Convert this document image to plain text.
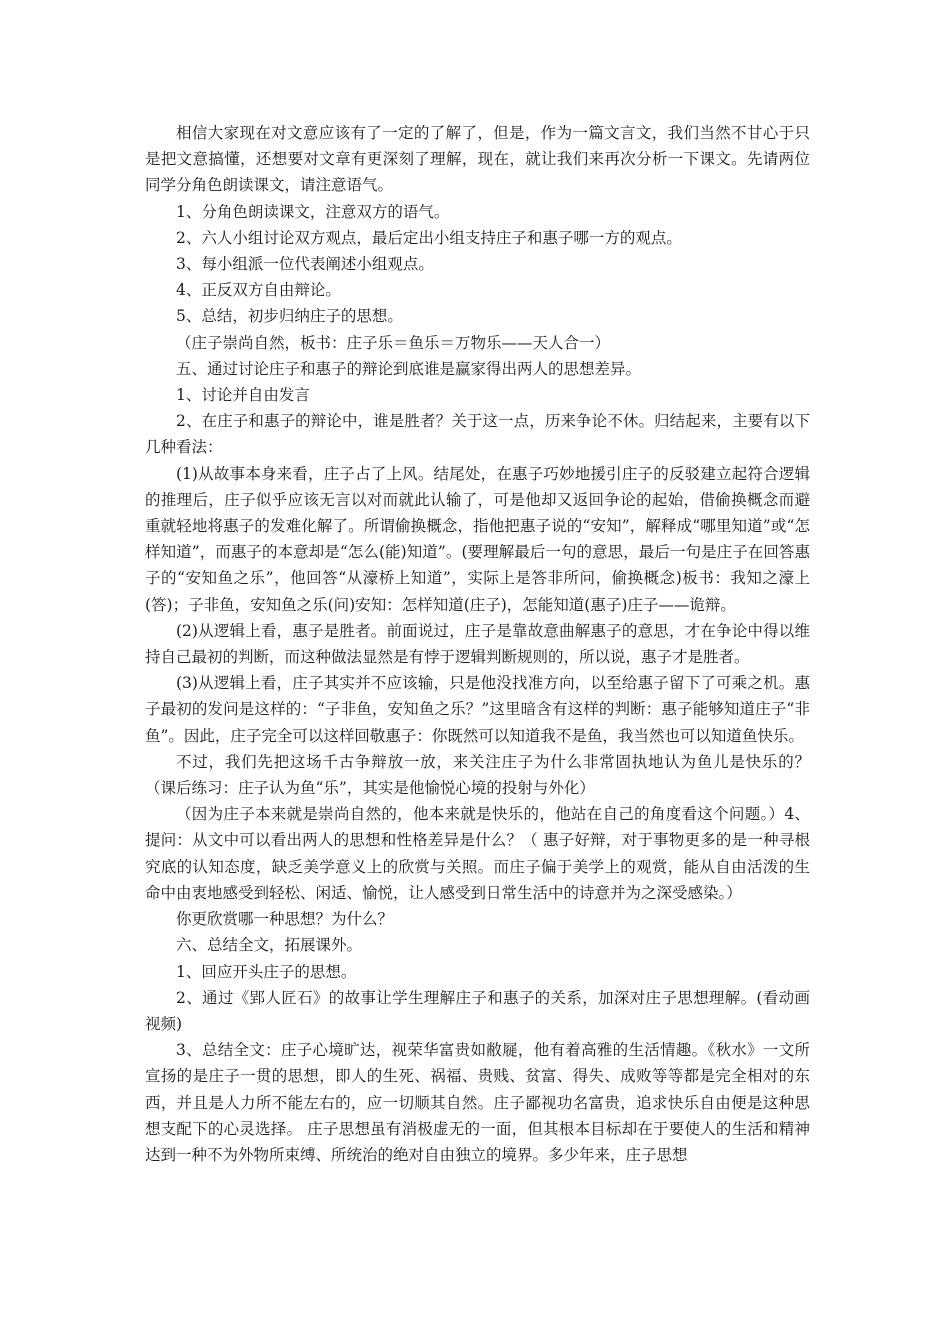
相信大家现在对文意应该有了一定的了解了，但是，作为一篇文言文，我们当然不甘心于只是把文意搞懂，还想要对文章有更深刻了理解，现在，就让我们来再次分析一下课文。先请两位同学分角色朗读课文，请注意语气。

1、分角色朗读课文，注意双方的语气。

2、六人小组讨论双方观点，最后定出小组支持庄子和惠子哪一方的观点。

3、每小组派一位代表阐述小组观点。

4、正反双方自由辩论。

5、总结，初步归纳庄子的思想。

（庄子崇尚自然，板书：庄子乐＝鱼乐＝万物乐——天人合一）

五、通过讨论庄子和惠子的辩论到底谁是赢家得出两人的思想差异。

1、讨论并自由发言

2、在庄子和惠子的辩论中，谁是胜者？关于这一点，历来争论不休。归结起来，主要有以下几种看法：

(1)从故事本身来看，庄子占了上风。结尾处，在惠子巧妙地援引庄子的反驳建立起符合逻辑的推理后，庄子似乎应该无言以对而就此认输了，可是他却又返回争论的起始，借偷换概念而避重就轻地将惠子的发难化解了。所谓偷换概念，指他把惠子说的“安知”，解释成“哪里知道”或“怎样知道”，而惠子的本意却是“怎么(能)知道”。(要理解最后一句的意思，最后一句是庄子在回答惠子的“安知鱼之乐”，他回答“从濠桥上知道”，实际上是答非所问，偷换概念)板书：我知之濠上(答)；子非鱼，安知鱼之乐(问)安知：怎样知道(庄子)，怎能知道(惠子)庄子——诡辩。

(2)从逻辑上看，惠子是胜者。前面说过，庄子是靠故意曲解惠子的意思，才在争论中得以维持自己最初的判断，而这种做法显然是有悖于逻辑判断规则的，所以说，惠子才是胜者。

(3)从逻辑上看，庄子其实并不应该输，只是他没找准方向，以至给惠子留下了可乘之机。惠子最初的发问是这样的：“子非鱼，安知鱼之乐？”这里暗含有这样的判断：惠子能够知道庄子“非鱼”。因此，庄子完全可以这样回敬惠子：你既然可以知道我不是鱼，我当然也可以知道鱼快乐。

不过，我们先把这场千古争辩放一放，来关注庄子为什么非常固执地认为鱼儿是快乐的？（课后练习：庄子认为鱼“乐”，其实是他愉悦心境的投射与外化）

（因为庄子本来就是崇尚自然的，他本来就是快乐的，他站在自己的角度看这个问题。）4、提问：从文中可以看出两人的思想和性格差异是什么？（ 惠子好辩，对于事物更多的是一种寻根究底的认知态度，缺乏美学意义上的欣赏与关照。而庄子偏于美学上的观赏，能从自由活泼的生命中由衷地感受到轻松、闲适、愉悦，让人感受到日常生活中的诗意并为之深受感染。）

你更欣赏哪一种思想？为什么？

六、总结全文，拓展课外。

1、回应开头庄子的思想。

2、通过《郢人匠石》的故事让学生理解庄子和惠子的关系，加深对庄子思想理解。(看动画视频)

3、总结全文：庄子心境旷达，视荣华富贵如敝屣，他有着高雅的生活情趣。《秋水》一文所宣扬的是庄子一贯的思想，即人的生死、祸福、贵贱、贫富、得失、成败等等都是完全相对的东西，并且是人力所不能左右的，应一切顺其自然。庄子鄙视功名富贵，追求快乐自由便是这种思想支配下的心灵选择。 庄子思想虽有消极虚无的一面，但其根本目标却在于要使人的生活和精神达到一种不为外物所束缚、所统治的绝对自由独立的境界。多少年来，庄子思想
